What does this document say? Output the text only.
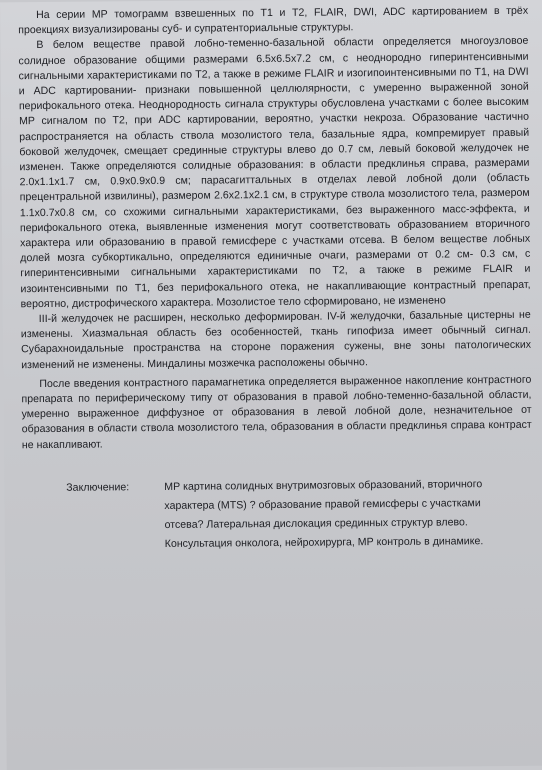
На серии МР томограмм взвешенных по Т1 и Т2, FLAIR, DWI, ADC картированием в трёх проекциях визуализированы суб- и супратенториальные структуры.

В белом веществе правой лобно-теменно-базальной области определяется многоузловое солидное образование общими размерами 6.5х6.5х7.2 см, с неоднородно гиперинтенсивными сигнальными характеристиками по Т2, а также в режиме FLAIR и изогипоинтенсивными по Т1, на DWI и ADC картировании- признаки повышенной целлюлярности, с умеренно выраженной зоной перифокального отека. Неоднородность сигнала структуры обусловлена участками с более высоким МР сигналом по Т2, при ADC картировании, вероятно, участки некроза. Образование частично распространяется на область ствола мозолистого тела, базальные ядра, компремирует правый боковой желудочек, смещает срединные структуры влево до 0.7 см, левый боковой желудочек не изменен. Также определяются солидные образования: в области предклинья справа, размерами 2.0х1.1х1.7 см, 0.9х0.9х0.9 см; парасагиттальных в отделах левой лобной доли (область прецентральной извилины), размером 2.6х2.1х2.1 см, в структуре ствола мозолистого тела, размером 1.1х0.7х0.8 см, со схожими сигнальными характеристиками, без выраженного масс-эффекта, и перифокального отека, выявленные изменения могут соответствовать образованием вторичного характера или образованию в правой гемисфере с участками отсева. В белом веществе лобных долей мозга субкортикально, определяются единичные очаги, размерами от 0.2 см- 0.3 см, с гиперинтенсивными сигнальными характеристиками по Т2, а также в режиме FLAIR и изоинтенсивными по Т1, без перифокального отека, не накапливающие контрастный препарат, вероятно, дистрофического характера. Мозолистое тело сформировано, не изменено

III-й желудочек не расширен, несколько деформирован. IV-й желудочки, базальные цистерны не изменены. Хиазмальная область без особенностей, ткань гипофиза имеет обычный сигнал. Субарахноидальные пространства на стороне поражения сужены, вне зоны патологических изменений не изменены. Миндалины мозжечка расположены обычно.

После введения контрастного парамагнетика определяется выраженное накопление контрастного препарата по периферическому типу от образования в правой лобно-теменно-базальной области, умеренно выраженное диффузное от образования в левой лобной доле, незначительное от образования в области ствола мозолистого тела, образования в области предклинья справа контраст не накапливают.

Заключение:	МР картина солидных внутримозговых образований, вторичного характера (MTS) ? образование правой гемисферы с участками отсева? Латеральная дислокация срединных структур влево. Консультация онколога, нейрохирурга, МР контроль в динамике.
